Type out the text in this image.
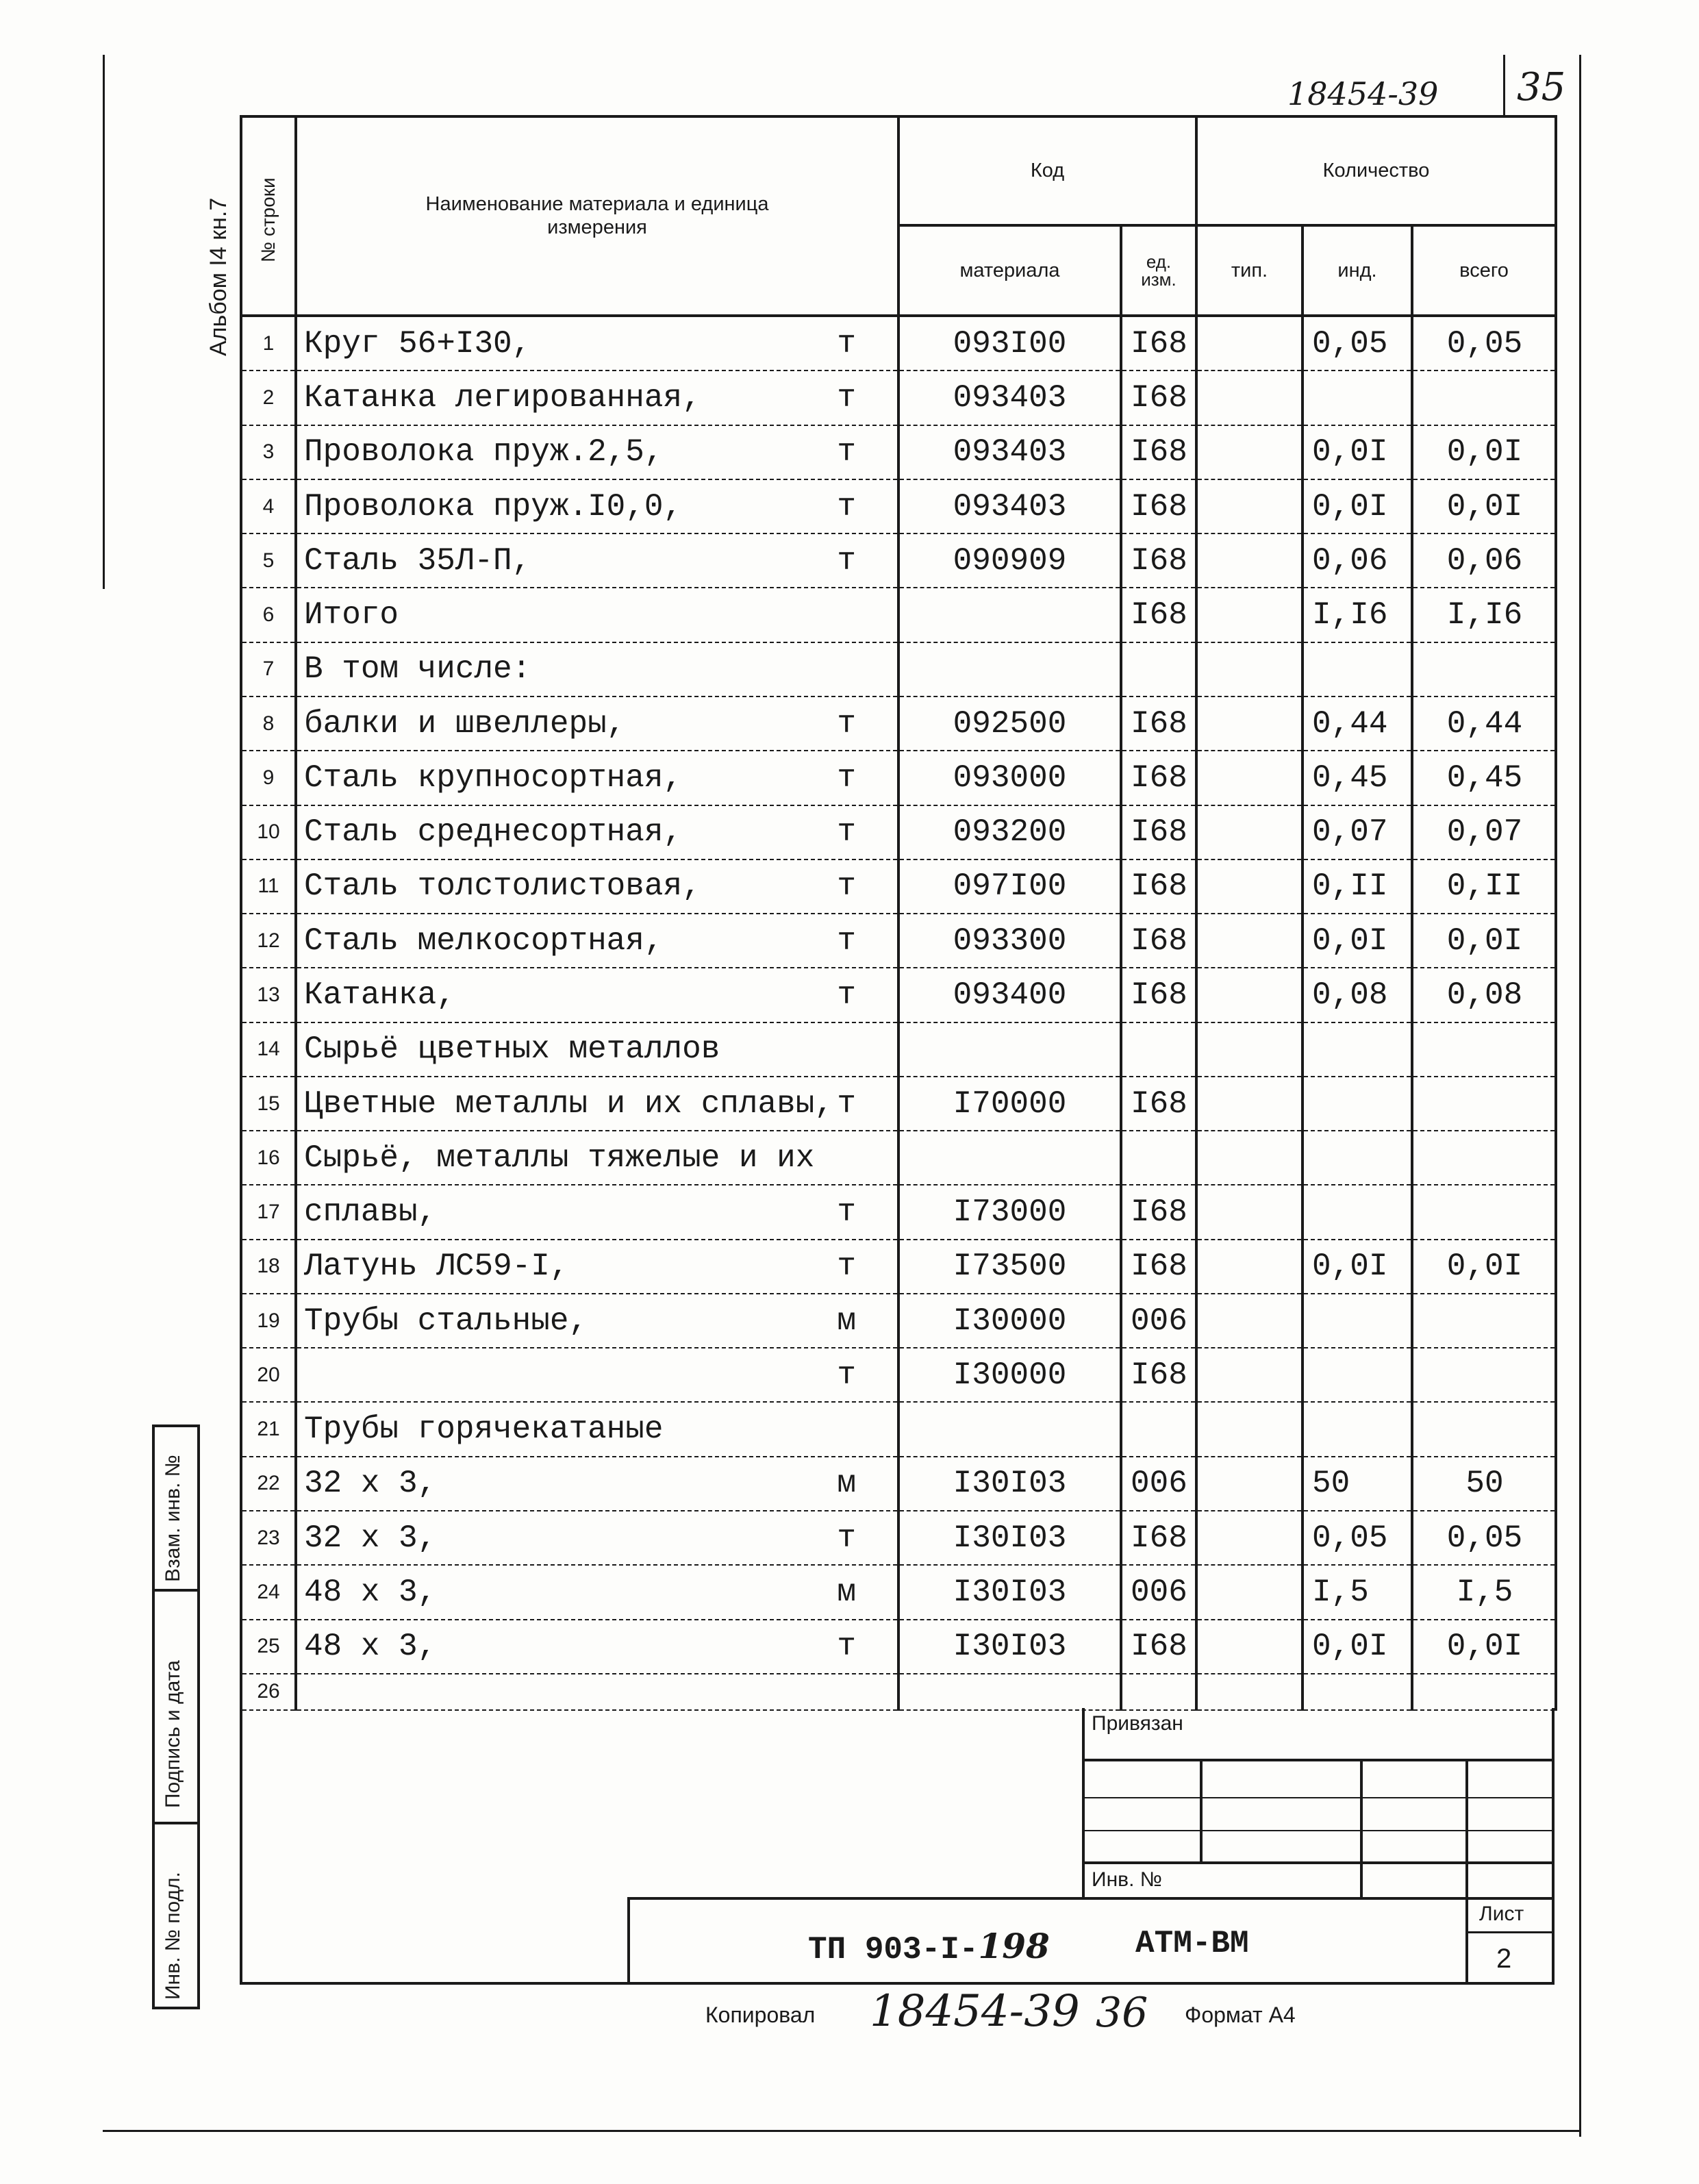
18454-39 35
Альбом I4 кн.7
Взам. инв. №
Подпись и дата
Инв. № подл.
№ строки	Наименование материала и единица измерения	Код		Количество		
		материала	ед. изм.	тип.	инд.	всего
1	Круг 56+I30, т	093I00	I68		0,05	0,05
2	Катанка легированная, т	093403	I68			
3	Проволока пруж.2,5, т	093403	I68		0,0I	0,0I
4	Проволока пруж.I0,0, т	093403	I68		0,0I	0,0I
5	Сталь 35Л-П, т	090909	I68		0,06	0,06
6	Итого		I68		I,I6	I,I6
7	В том числе:					

8	балки и швеллеры, т	092500	I68		0,44	0,44
9	Сталь крупносортная, т	093000	I68		0,45	0,45
10	Сталь среднесортная, т	093200	I68		0,07	0,07
11	Сталь толстолистовая, т	097I00	I68		0,II	0,II
12	Сталь мелкосортная, т	093300	I68		0,0I	0,0I
13	Катанка, т	093400	I68		0,08	0,08
14	Сырьё цветных металлов					

15	Цветные металлы и их сплавы, т	I70000	I68			
16	Сырьё, металлы тяжелые и их					

17	сплавы, т	I73000	I68			
18	Латунь ЛС59-I, т	I73500	I68		0,0I	0,0I
19	Трубы стальные, м	I30000	006			
20	т	I30000	I68			
21	Трубы горячекатаные					

22	32 х 3, м	I30I03	006		50	50
23	32 х 3, т	I30I03	I68		0,05	0,05
24	48 х 3, м	I30I03	006		I,5	I,5
25	48 х 3, т	I30I03	I68		0,0I	0,0I
26	

Привязан
Инв. №
ТП 903-I-198	АТМ-ВМ
Лист
2
Копировал 18454-39 36 Формат А4
